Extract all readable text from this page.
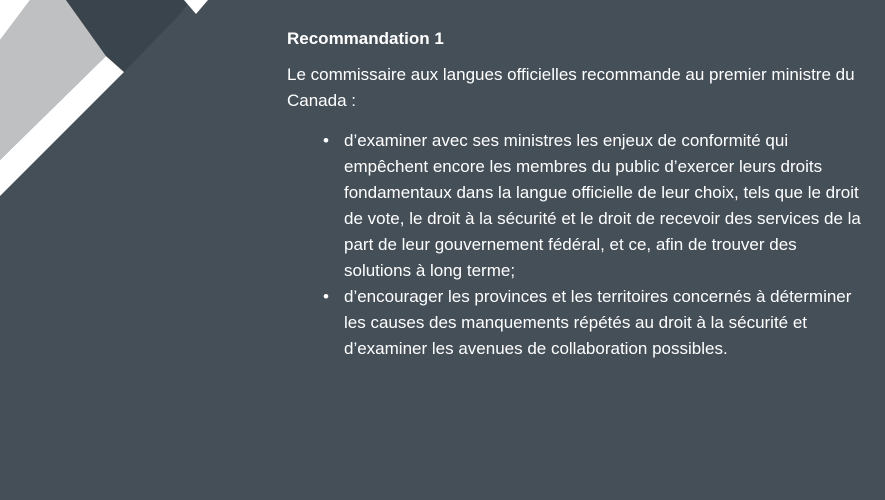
Recommandation 1
Le commissaire aux langues officielles recommande au premier ministre du Canada :
• d’examiner avec ses ministres les enjeux de conformité qui empêchent encore les membres du public d’exercer leurs droits fondamentaux dans la langue officielle de leur choix, tels que le droit de vote, le droit à la sécurité et le droit de recevoir des services de la part de leur gouvernement fédéral, et ce, afin de trouver des solutions à long terme;
• d’encourager les provinces et les territoires concernés à déterminer les causes des manquements répétés au droit à la sécurité et d’examiner les avenues de collaboration possibles.
